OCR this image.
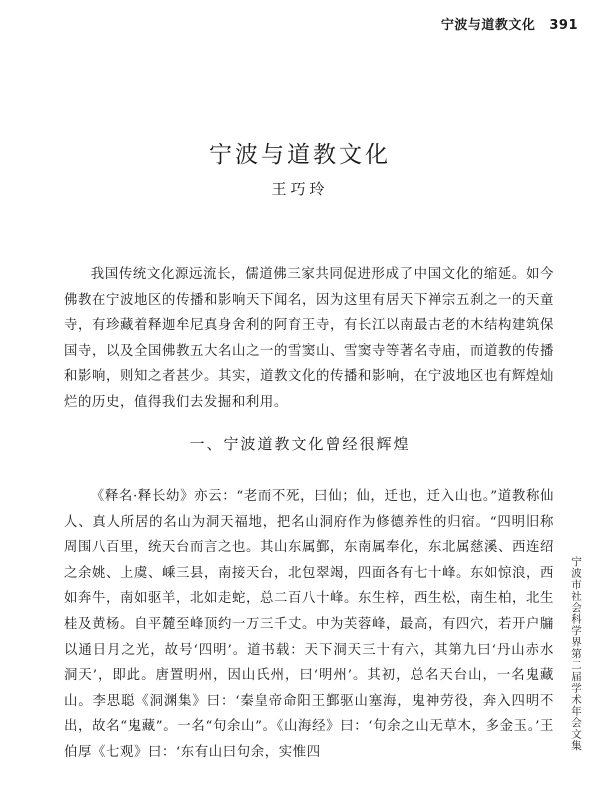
宁波与道教文化 391
宁波与道教文化
王巧玲

我国传统文化源远流长，儒道佛三家共同促进形成了中国文化的缩延。如今佛教在宁波地区的传播和影响天下闻名，因为这里有居天下禅宗五刹之一的天童寺，有珍藏着释迦牟尼真身舍利的阿育王寺，有长江以南最古老的木结构建筑保国寺，以及全国佛教五大名山之一的雪窦山、雪窦寺等著名寺庙，而道教的传播和影响，则知之者甚少。其实，道教文化的传播和影响，在宁波地区也有辉煌灿烂的历史，值得我们去发掘和利用。

一、宁波道教文化曾经很辉煌

《释名·释长幼》亦云：“老而不死，曰仙；仙，迁也，迁入山也。”道教称仙人、真人所居的名山为洞天福地，把名山洞府作为修德养性的归宿。“四明旧称周围八百里，统天台而言之也。其山东属鄞，东南属奉化，东北属慈溪、西连绍之余姚、上虞、嵊三县，南接天台，北包翠竭，四面各有七十峰。东如惊浪，西如奔牛，南如驱羊，北如走蛇，总二百八十峰。东生梓，西生松，南生柏，北生桂及黄杨。自平麓至峰顶约一万三千丈。中为芙蓉峰，最高，有四穴，若开户牖以通日月之光，故号‘四明’。道书载：天下洞天三十有六，其第九曰‘丹山赤水洞天’，即此。唐置明州，因山氏州，曰‘明州’。其初，总名天台山，一名鬼藏山。李思聪《洞渊集》曰：‘秦皇帝命阳王鄞驱山塞海，鬼神劳役，奔入四明不出，故名“鬼藏”。一名“句余山”。《山海经》曰：‘句余之山无草木，多金玉。’王伯厚《七观》曰：‘东有山曰句余，实惟四

宁波市社会科学界第二届学术年会文集
